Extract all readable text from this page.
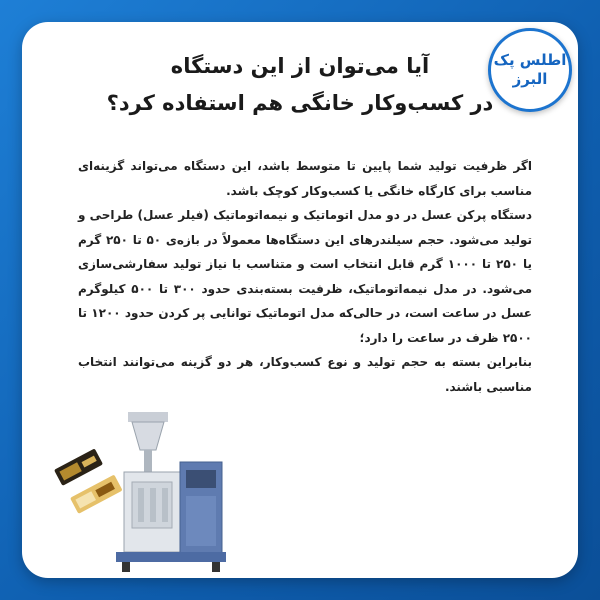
آیا می‌توان از این دستگاه
در کسب‌وکار خانگی هم استفاده کرد؟

اگر ظرفیت تولید شما پایین تا متوسط باشد، این دستگاه می‌تواند گزینه‌ای مناسب برای کارگاه خانگی یا کسب‌وکار کوچک باشد.

دستگاه پرکن عسل در دو مدل اتوماتیک و نیمه‌اتوماتیک (فیلر عسل) طراحی و تولید می‌شود. حجم سیلندرهای این دستگاه‌ها معمولاً در بازه‌ی ۵۰ تا ۲۵۰ گرم یا ۲۵۰ تا ۱۰۰۰ گرم قابل انتخاب است و متناسب با نیاز تولید سفارشی‌سازی می‌شود. در مدل نیمه‌اتوماتیک، ظرفیت بسته‌بندی حدود ۳۰۰ تا ۵۰۰ کیلوگرم عسل در ساعت است، در حالی‌که مدل اتوماتیک توانایی پر کردن حدود ۱۲۰۰ تا ۲۵۰۰ ظرف در ساعت را دارد؛

بنابراین بسته به حجم تولید و نوع کسب‌وکار، هر دو گزینه می‌توانند انتخاب مناسبی باشند.

اطلس پک
البرز
